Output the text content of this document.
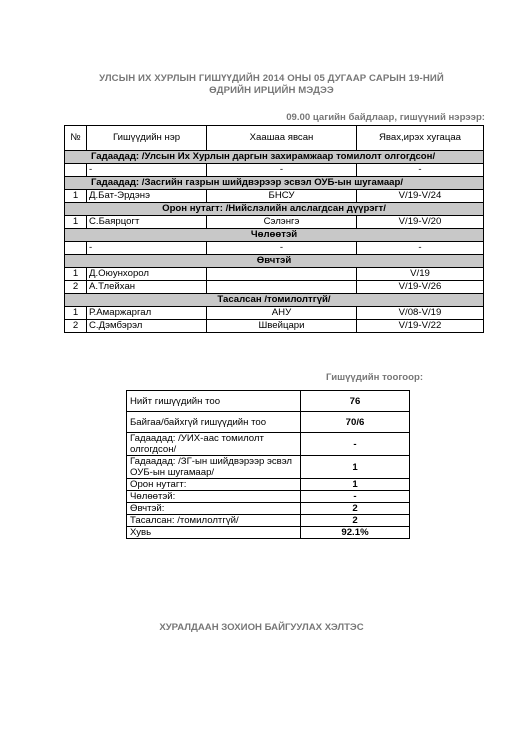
УЛСЫН ИХ ХУРЛЫН ГИШҮҮДИЙН 2014 ОНЫ 05 ДУГААР САРЫН 19-НИЙ
ӨДРИЙН ИРЦИЙН МЭДЭЭ
09.00 цагийн байдлаар, гишүүний нэрээр:
№	Гишүүдийн нэр	Хаашаа явсан	Явах,ирэх хугацаа
Гадаадад: /Улсын Их Хурлын даргын захирамжаар томилолт олгогдсон/			
	-	-	-
Гадаадад: /Засгийн газрын шийдвэрээр эсвэл ОУБ-ын шугамаар/			
1	Д.Бат-Эрдэнэ	БНСУ	V/19-V/24
Орон нутагт: /Нийслэлийн алслагдсан дүүрэгт/			
1	С.Баярцогт	Сэлэнгэ	V/19-V/20
Чөлөөтэй			
	-	-	-
Өвчтэй			
1	Д.Оюунхорол		V/19
2	А.Тлейхан		V/19-V/26
Тасалсан /томилолтгүй/			
1	Р.Амаржаргал	АНУ	V/08-V/19
2	С.Дэмбэрэл	Швейцари	V/19-V/22
Гишүүдийн тоогоор:
Нийт гишүүдийн тоо	76
Байгаа/байхгүй гишүүдийн тоо	70/6
Гадаадад: /УИХ-аас томилолт олгогдсон/	-
Гадаадад: /ЗГ-ын шийдвэрээр эсвэл ОУБ-ын шугамаар/	1
Орон нутагт:	1
Чөлөөтэй:	-
Өвчтэй:	2
Тасалсан: /томилолтгүй/	2
Хувь	92.1%
ХУРАЛДААН ЗОХИОН БАЙГУУЛАХ ХЭЛТЭС
